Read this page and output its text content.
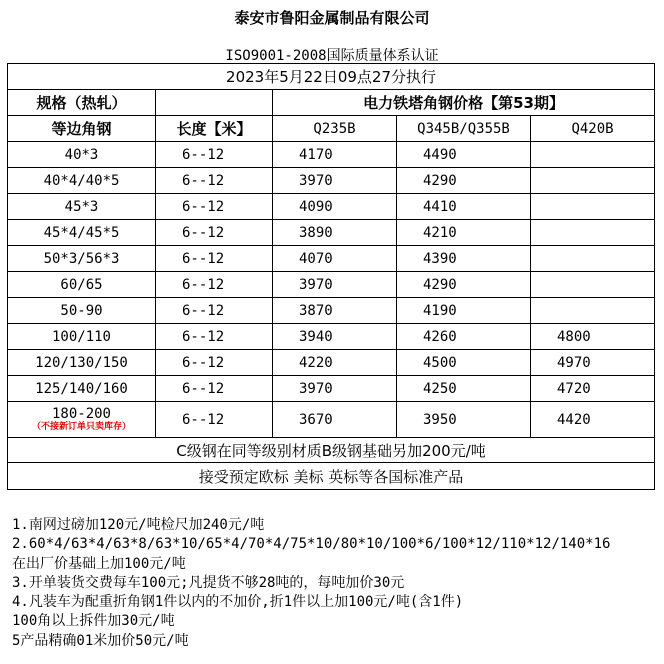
泰安市鲁阳金属制品有限公司
ISO9001-2008国际质量体系认证
2023年5月22日09点27分执行				
规格（热轧）		电力铁塔角钢价格【第53期】		
等边角钢	长度【米】	Q235B	Q345B/Q355B	Q420B

40*3	6--12	4170	4490	

40*4/40*5	6--12	3970	4290	

45*3	6--12	4090	4410	

45*4/45*5	6--12	3890	4210	

50*3/56*3	6--12	4070	4390	

60/65	6--12	3970	4290	

50-90	6--12	3870	4190	

100/110	6--12	3940	4260	4800

120/130/150	6--12	4220	4500	4970

125/140/160	6--12	3970	4250	4720

180-200
（不接新订单只卖库存）	6--12	3670	3950	4420
C级钢在同等级别材质B级钢基础另加200元/吨				
接受预定欧标 美标 英标等各国标准产品				
1.南网过磅加120元/吨检尺加240元/吨
2.60*4/63*4/63*8/63*10/65*4/70*4/75*10/80*10/100*6/100*12/110*12/140*16
在出厂价基础上加100元/吨
3.开单装货交费每车100元;凡提货不够28吨的，每吨加价30元
4.凡装车为配重折角钢1件以内的不加价,折1件以上加100元/吨(含1件)
100角以上拆件加30元/吨
5产品精确01米加价50元/吨
